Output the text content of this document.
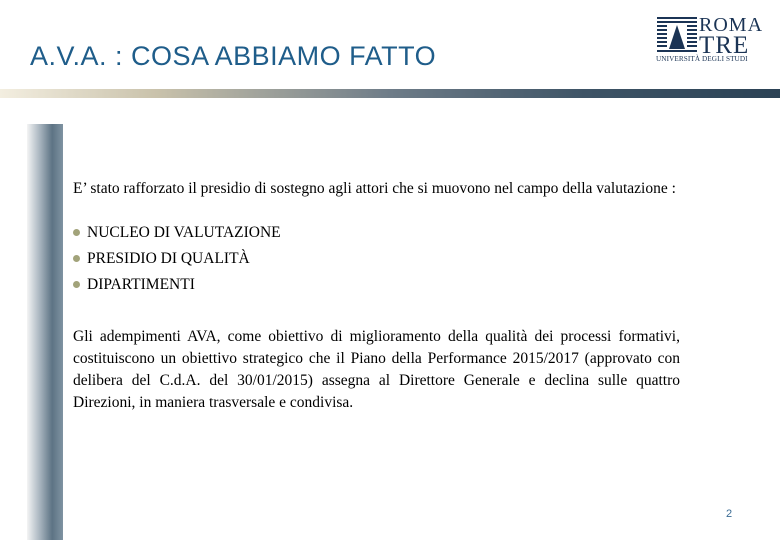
A.V.A. : COSA ABBIAMO FATTO
ROMA
TRE
UNIVERSITÀ DEGLI STUDI

E’ stato rafforzato il presidio di sostegno agli attori che si muovono nel campo della valutazione :

NUCLEO DI VALUTAZIONE
PRESIDIO DI QUALITÀ
DIPARTIMENTI

Gli adempimenti AVA, come obiettivo di miglioramento della qualità dei processi formativi, costituiscono un obiettivo strategico che il Piano della Performance 2015/2017 (approvato con delibera del C.d.A. del 30/01/2015) assegna al Direttore Generale e declina sulle quattro Direzioni, in maniera trasversale e condivisa.

2
